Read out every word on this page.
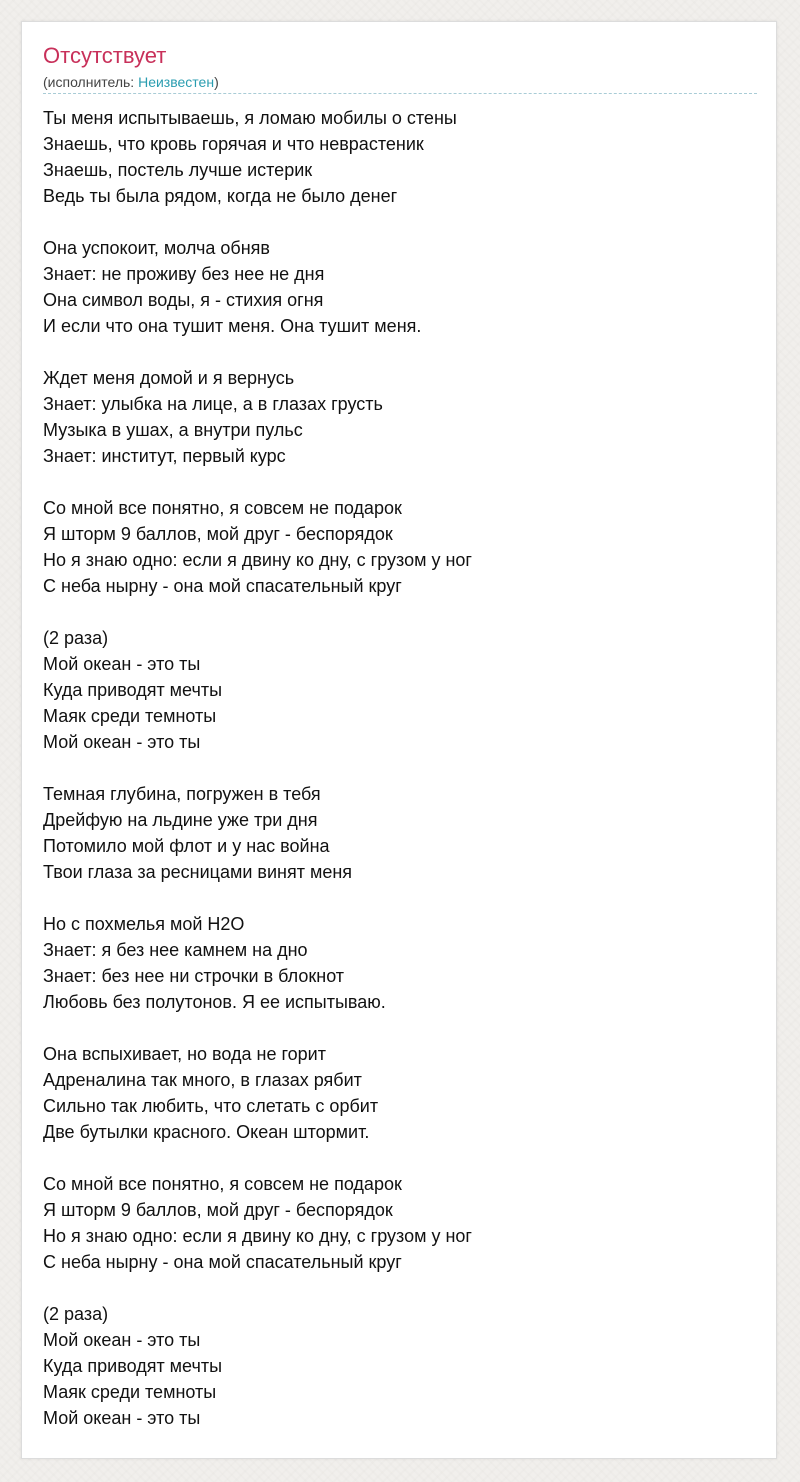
Отсутствует
(исполнитель: Неизвестен)
Ты меня испытываешь, я ломаю мобилы о стены
Знаешь, что кровь горячая и что неврастеник
Знаешь, постель лучше истерик
Ведь ты была рядом, когда не было денег
Она успокоит, молча обняв
Знает: не проживу без нее не дня
Она символ воды, я - стихия огня
И если что она тушит меня. Она тушит меня.
Ждет меня домой и я вернусь
Знает: улыбка на лице, а в глазах грусть
Музыка в ушах, а внутри пульс
Знает: институт, первый курс
Со мной все понятно, я совсем не подарок
Я шторм 9 баллов, мой друг - беспорядок
Но я знаю одно: если я двину ко дну, с грузом у ног
С неба нырну - она мой спасательный круг
(2 раза)
Мой океан - это ты
Куда приводят мечты
Маяк среди темноты
Мой океан - это ты
Темная глубина, погружен в тебя
Дрейфую на льдине уже три дня
Потомило мой флот и у нас война
Твои глаза за ресницами винят меня
Но с похмелья мой H2O
Знает: я без нее камнем на дно
Знает: без нее ни строчки в блокнот
Любовь без полутонов. Я ее испытываю.
Она вспыхивает, но вода не горит
Адреналина так много, в глазах рябит
Сильно так любить, что слетать с орбит
Две бутылки красного. Океан штормит.
Со мной все понятно, я совсем не подарок
Я шторм 9 баллов, мой друг - беспорядок
Но я знаю одно: если я двину ко дну, с грузом у ног
С неба нырну - она мой спасательный круг
(2 раза)
Мой океан - это ты
Куда приводят мечты
Маяк среди темноты
Мой океан - это ты
